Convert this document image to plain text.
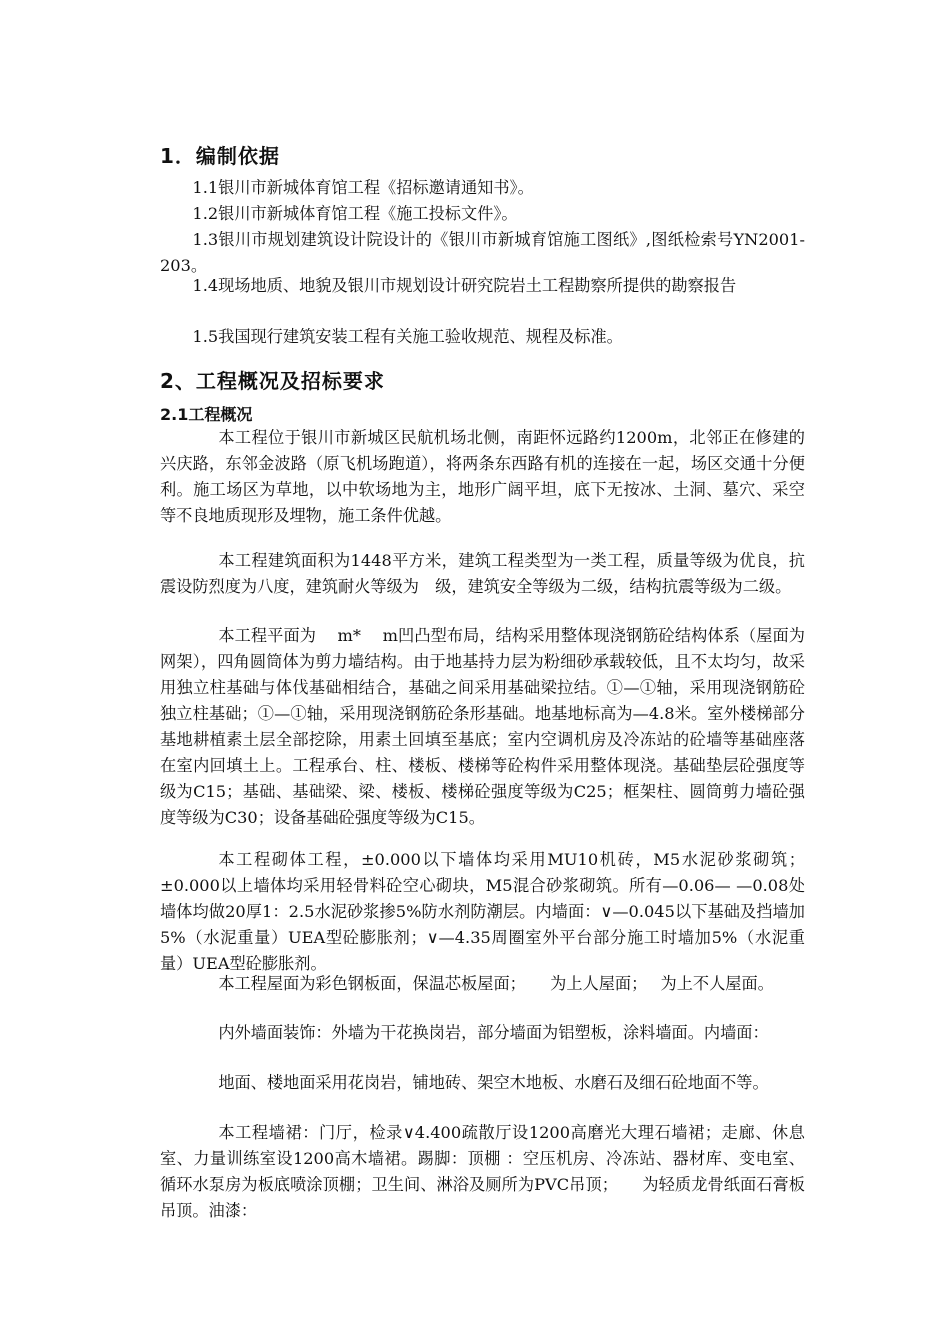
1．编制依据

1.1银川市新城体育馆工程《招标邀请通知书》。

1.2银川市新城体育馆工程《施工投标文件》。

1.3银川市规划建筑设计院设计的《银川市新城育馆施工图纸》,图纸检索号YN2001-203。

1.4现场地质、地貌及银川市规划设计研究院岩土工程勘察所提供的勘察报告

1.5我国现行建筑安装工程有关施工验收规范、规程及标准。

2、工程概况及招标要求
2.1工程概况

本工程位于银川市新城区民航机场北侧，南距怀远路约1200m，北邻正在修建的兴庆路，东邻金波路（原飞机场跑道），将两条东西路有机的连接在一起，场区交通十分便利。施工场区为草地，以中软场地为主，地形广阔平坦，底下无按冰、土洞、墓穴、采空等不良地质现形及埋物，施工条件优越。

本工程建筑面积为1448平方米，建筑工程类型为一类工程，质量等级为优良，抗震设防烈度为八度，建筑耐火等级为　级，建筑安全等级为二级，结构抗震等级为二级。

本工程平面为　 m*　 m凹凸型布局，结构采用整体现浇钢筋砼结构体系（屋面为网架），四角圆筒体为剪力墙结构。由于地基持力层为粉细砂承载较低，且不太均匀，故采用独立柱基础与体伐基础相结合，基础之间采用基础梁拉结。①—①轴，采用现浇钢筋砼独立柱基础；①—①轴，采用现浇钢筋砼条形基础。地基地标高为—4.8米。室外楼梯部分基地耕植素土层全部挖除，用素土回填至基底；室内空调机房及冷冻站的砼墙等基础座落在室内回填土上。工程承台、柱、楼板、楼梯等砼构件采用整体现浇。基础垫层砼强度等级为C15；基础、基础梁、梁、楼板、楼梯砼强度等级为C25；框架柱、圆筒剪力墙砼强度等级为C30；设备基础砼强度等级为C15。

本工程砌体工程，±0.000以下墙体均采用MU10机砖，M5水泥砂浆砌筑；±0.000以上墙体均采用轻骨料砼空心砌块，M5混合砂浆砌筑。所有—0.06— —0.08处墙体均做20厚1：2.5水泥砂浆掺5%防水剂防潮层。内墙面：∨—0.045以下基础及挡墙加5%（水泥重量）UEA型砼膨胀剂；∨—4.35周圈室外平台部分施工时墙加5%（水泥重量）UEA型砼膨胀剂。

本工程屋面为彩色钢板面，保温芯板屋面；　　为上人屋面；　 为上不人屋面。

内外墙面装饰：外墙为干花换岗岩，部分墙面为铝塑板，涂料墙面。内墙面：

地面、楼地面采用花岗岩，铺地砖、架空木地板、水磨石及细石砼地面不等。

本工程墙裙：门厅，检录∨4.400疏散厅设1200高磨光大理石墙裙；走廊、休息室、力量训练室设1200高木墙裙。踢脚：顶棚 ：空压机房、冷冻站、器材库、变电室、循环水泵房为板底喷涂顶棚；卫生间、淋浴及厕所为PVC吊顶；　　为轻质龙骨纸面石膏板吊顶。油漆：
